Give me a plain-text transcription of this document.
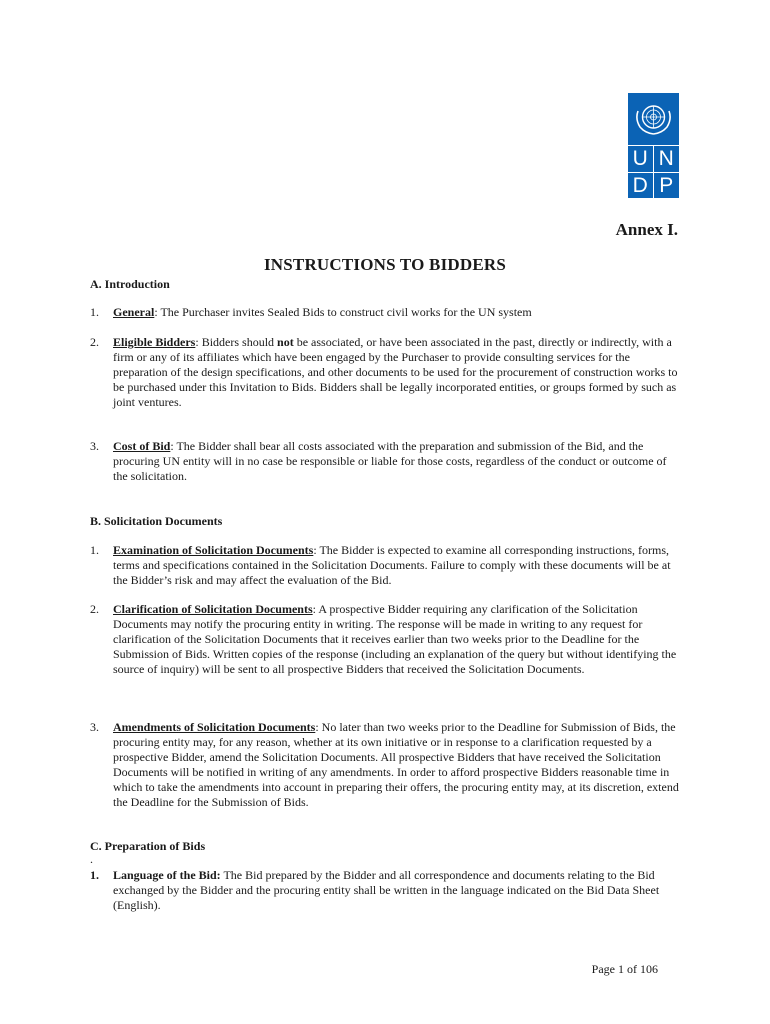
U N
D P
Annex I.
INSTRUCTIONS TO BIDDERS
A. Introduction
1.	General: The Purchaser invites Sealed Bids to construct civil works for the UN system
2.	Eligible Bidders: Bidders should not be associated, or have been associated in the past, directly or indirectly, with a firm or any of its affiliates which have been engaged by the Purchaser to provide consulting services for the preparation of the design specifications, and other documents to be used for the procurement of construction works to be purchased under this Invitation to Bids. Bidders shall be legally incorporated entities, or groups formed by such as joint ventures.
3.	Cost of Bid: The Bidder shall bear all costs associated with the preparation and submission of the Bid, and the procuring UN entity will in no case be responsible or liable for those costs, regardless of the conduct or outcome of the solicitation.
B. Solicitation Documents
1.	Examination of Solicitation Documents: The Bidder is expected to examine all corresponding instructions, forms, terms and specifications contained in the Solicitation Documents. Failure to comply with these documents will be at the Bidder’s risk and may affect the evaluation of the Bid.
2.	Clarification of Solicitation Documents: A prospective Bidder requiring any clarification of the Solicitation Documents may notify the procuring entity in writing. The response will be made in writing to any request for clarification of the Solicitation Documents that it receives earlier than two weeks prior to the Deadline for the Submission of Bids. Written copies of the response (including an explanation of the query but without identifying the source of inquiry) will be sent to all prospective Bidders that received the Solicitation Documents.
3.	Amendments of Solicitation Documents: No later than two weeks prior to the Deadline for Submission of Bids, the procuring entity may, for any reason, whether at its own initiative or in response to a clarification requested by a prospective Bidder, amend the Solicitation Documents. All prospective Bidders that have received the Solicitation Documents will be notified in writing of any amendments. In order to afford prospective Bidders reasonable time in which to take the amendments into account in preparing their offers, the procuring entity may, at its discretion, extend the Deadline for the Submission of Bids.
C. Preparation of Bids
.
1.	Language of the Bid: The Bid prepared by the Bidder and all correspondence and documents relating to the Bid exchanged by the Bidder and the procuring entity shall be written in the language indicated on the Bid Data Sheet (English).
Page 1 of 106
